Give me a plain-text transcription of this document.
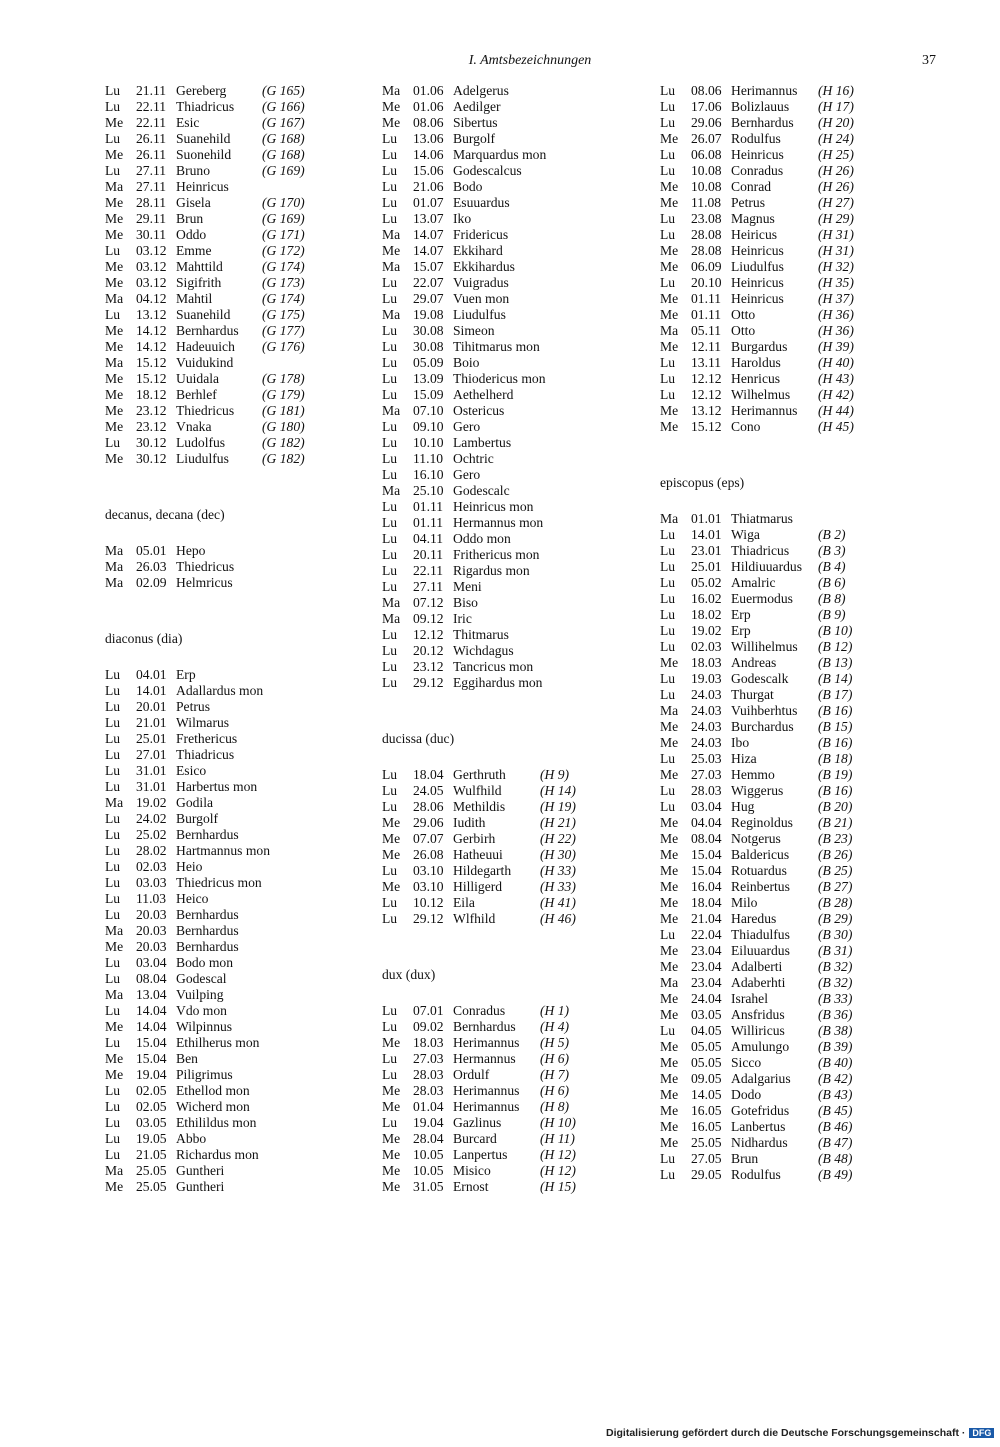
I. Amtsbezeichnungen	37
Lu 21.11 Gereberg	(G 165)
Lu 22.11 Thiadricus (G 166)
Me 22.11 Esic	(G 167)
Lu 26.11 Suanehild (G 168)
Me 26.11 Suonehild (G 168)
Lu 27.11 Bruno	(G 169)
Ma 27.11 Heinricus
Me 28.11 Gisela	(G 170)
Me 29.11 Brun	(G 169)
Me 30.11 Oddo	(G 171)
Lu 03.12 Emme	(G 172)
Me 03.12 Mahttild	(G 174)
Me 03.12 Sigifrith	(G 173)
Ma 04.12 Mahtil	(G 174)
Lu 13.12 Suanehild (G 175)
Me 14.12 Bernhardus (G 177)
Me 14.12 Hadeuuich (G 176)
Ma 15.12 Vuidukind
Me 15.12 Uuidala	(G 178)
Me 18.12 Berhlef	(G 179)
Me 23.12 Thiedricus (G 181)
Me 23.12 Vnaka	(G 180)
Lu 30.12 Ludolfus	(G 182)
Me 30.12 Liudulfus (G 182)
decanus, decana (dec)
Ma 05.01 Hepo
Ma 26.03 Thiedricus
Ma 02.09 Helmricus
diaconus (dia)
Lu 04.01 Erp
Lu 14.01 Adallardus mon
Lu 20.01 Petrus
Lu 21.01 Wilmarus
Lu 25.01 Frethericus
Lu 27.01 Thiadricus
Lu 31.01 Esico
Lu 31.01 Harbertus mon
Ma 19.02 Godila
Lu 24.02 Burgolf
Lu 25.02 Bernhardus
Lu 28.02 Hartmannus mon
Lu 02.03 Heio
Lu 03.03 Thiedricus mon
Lu 11.03 Heico
Lu 20.03 Bernhardus
Ma 20.03 Bernhardus
Me 20.03 Bernhardus
Lu 03.04 Bodo mon
Lu 08.04 Godescal
Ma 13.04 Vuilping
Lu 14.04 Vdo mon
Me 14.04 Wilpinnus
Lu 15.04 Ethilherus mon
Me 15.04 Ben
Me 19.04 Piligrimus
Lu 02.05 Ethellod mon
Lu 02.05 Wicherd mon
Lu 03.05 Ethilildus mon
Lu 19.05 Abbo
Lu 21.05 Richardus mon
Ma 25.05 Guntheri
Me 25.05 Guntheri
Ma 01.06 Adelgerus
Me 01.06 Aedilger
Me 08.06 Sibertus
Lu 13.06 Burgolf
Lu 14.06 Marquardus mon
Lu 15.06 Godescalcus
Lu 21.06 Bodo
Lu 01.07 Esuuardus
Lu 13.07 Iko
Ma 14.07 Fridericus
Me 14.07 Ekkihard
Ma 15.07 Ekkihardus
Lu 22.07 Vuigradus
Lu 29.07 Vuen mon
Ma 19.08 Liudulfus
Lu 30.08 Simeon
Lu 30.08 Tihitmarus mon
Lu 05.09 Boio
Lu 13.09 Thiodericus mon
Lu 15.09 Aethelherd
Ma 07.10 Ostericus
Lu 09.10 Gero
Lu 10.10 Lambertus
Lu 11.10 Ochtric
Lu 16.10 Gero
Ma 25.10 Godescalc
Lu 01.11 Heinricus mon
Lu 01.11 Hermannus mon
Lu 04.11 Oddo mon
Lu 20.11 Frithericus mon
Lu 22.11 Rigardus mon
Lu 27.11 Meni
Ma 07.12 Biso
Ma 09.12 Iric
Lu 12.12 Thitmarus
Lu 20.12 Wichdagus
Lu 23.12 Tancricus mon
Lu 29.12 Eggihardus mon
ducissa (duc)
Lu 18.04 Gerthruth	(H 9)
Lu 24.05 Wulfhild	(H 14)
Lu 28.06 Methildis	(H 19)
Me 29.06 Iudith	(H 21)
Me 07.07 Gerbirh	(H 22)
Me 26.08 Hatheuui	(H 30)
Lu 03.10 Hildegarth (H 33)
Me 03.10 Hilligerd	(H 33)
Lu 10.12 Eila	(H 41)
Lu 29.12 Wlfhild	(H 46)
dux (dux)
Lu 07.01 Conradus	(H 1)
Lu 09.02 Bernhardus (H 4)
Me 18.03 Herimannus (H 5)
Lu 27.03 Hermannus (H 6)
Lu 28.03 Ordulf	(H 7)
Me 28.03 Herimannus (H 6)
Me 01.04 Herimannus (H 8)
Lu 19.04 Gazlinus	(H 10)
Me 28.04 Burcard	(H 11)
Me 10.05 Lanpertus (H 12)
Me 10.05 Misico	(H 12)
Me 31.05 Ernost	(H 15)
Lu 08.06 Herimannus (H 16)
Lu 17.06 Bolizlauus (H 17)
Lu 29.06 Bernhardus (H 20)
Me 26.07 Rodulfus	(H 24)
Lu 06.08 Heinricus	(H 25)
Lu 10.08 Conradus	(H 26)
Me 10.08 Conrad	(H 26)
Me 11.08 Petrus	(H 27)
Lu 23.08 Magnus	(H 29)
Lu 28.08 Heiricus	(H 31)
Me 28.08 Heinricus	(H 31)
Me 06.09 Liudulfus	(H 32)
Lu 20.10 Heinricus	(H 35)
Me 01.11 Heinricus	(H 37)
Me 01.11 Otto	(H 36)
Ma 05.11 Otto	(H 36)
Me 12.11 Burgardus (H 39)
Lu 13.11 Haroldus	(H 40)
Lu 12.12 Henricus	(H 43)
Lu 12.12 Wilhelmus (H 42)
Me 13.12 Herimannus (H 44)
Me 15.12 Cono	(H 45)
episcopus (eps)
Ma 01.01 Thiatmarus
Lu 14.01 Wiga	(B 2)
Lu 23.01 Thiadricus (B 3)
Lu 25.01 Hildiuuardus (B 4)
Lu 05.02 Amalric	(B 6)
Lu 16.02 Euermodus (B 8)
Lu 18.02 Erp	(B 9)
Lu 19.02 Erp	(B 10)
Lu 02.03 Willihelmus (B 12)
Me 18.03 Andreas	(B 13)
Lu 19.03 Godescalk (B 14)
Lu 24.03 Thurgat	(B 17)
Ma 24.03 Vuihberhtus (B 16)
Me 24.03 Burchardus (B 15)
Me 24.03 Ibo	(B 16)
Lu 25.03 Hiza	(B 18)
Me 27.03 Hemmo	(B 19)
Lu 28.03 Wiggerus	(B 16)
Lu 03.04 Hug	(B 20)
Me 04.04 Reginoldus (B 21)
Me 08.04 Notgerus	(B 23)
Me 15.04 Baldericus (B 26)
Me 15.04 Rotuardus (B 25)
Me 16.04 Reinbertus (B 27)
Me 18.04 Milo	(B 28)
Me 21.04 Haredus	(B 29)
Lu 22.04 Thiadulfus (B 30)
Me 23.04 Eiluuardus (B 31)
Me 23.04 Adalberti	(B 32)
Ma 23.04 Adaberhti (B 32)
Me 24.04 Israhel	(B 33)
Me 03.05 Ansfridus (B 36)
Lu 04.05 Williricus (B 38)
Me 05.05 Amulungo (B 39)
Me 05.05 Sicco	(B 40)
Me 09.05 Adalgarius (B 42)
Me 14.05 Dodo	(B 43)
Me 16.05 Gotefridus (B 45)
Me 16.05 Lanbertus (B 46)
Me 25.05 Nidhardus (B 47)
Lu 27.05 Brun	(B 48)
Lu 29.05 Rodulfus	(B 49)
Digitalisierung gefördert durch die Deutsche Forschungsgemeinschaft · DFG
